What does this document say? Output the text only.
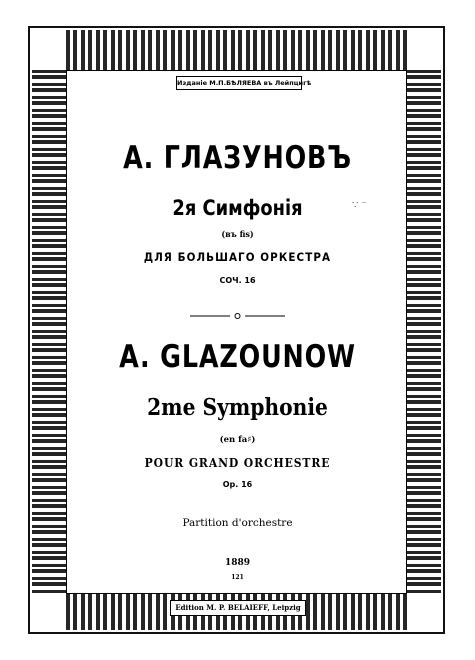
Изданіе М.П.БѢЛЯЕВА въ Лейпцигѣ
А. ГЛАЗУНОВЪ
2я Симфонія
(въ fis)
ДЛЯ БОЛЬШАГО ОРКЕСТРА
СОЧ. 16
A. GLAZOUNOW
2me Symphonie
(en fa♯)
POUR GRAND ORCHESTRE
Op. 16
Partition d'orchestre
1889
121
Edition M. P. BELAIEFF, Leipzig
∵ ⁻
